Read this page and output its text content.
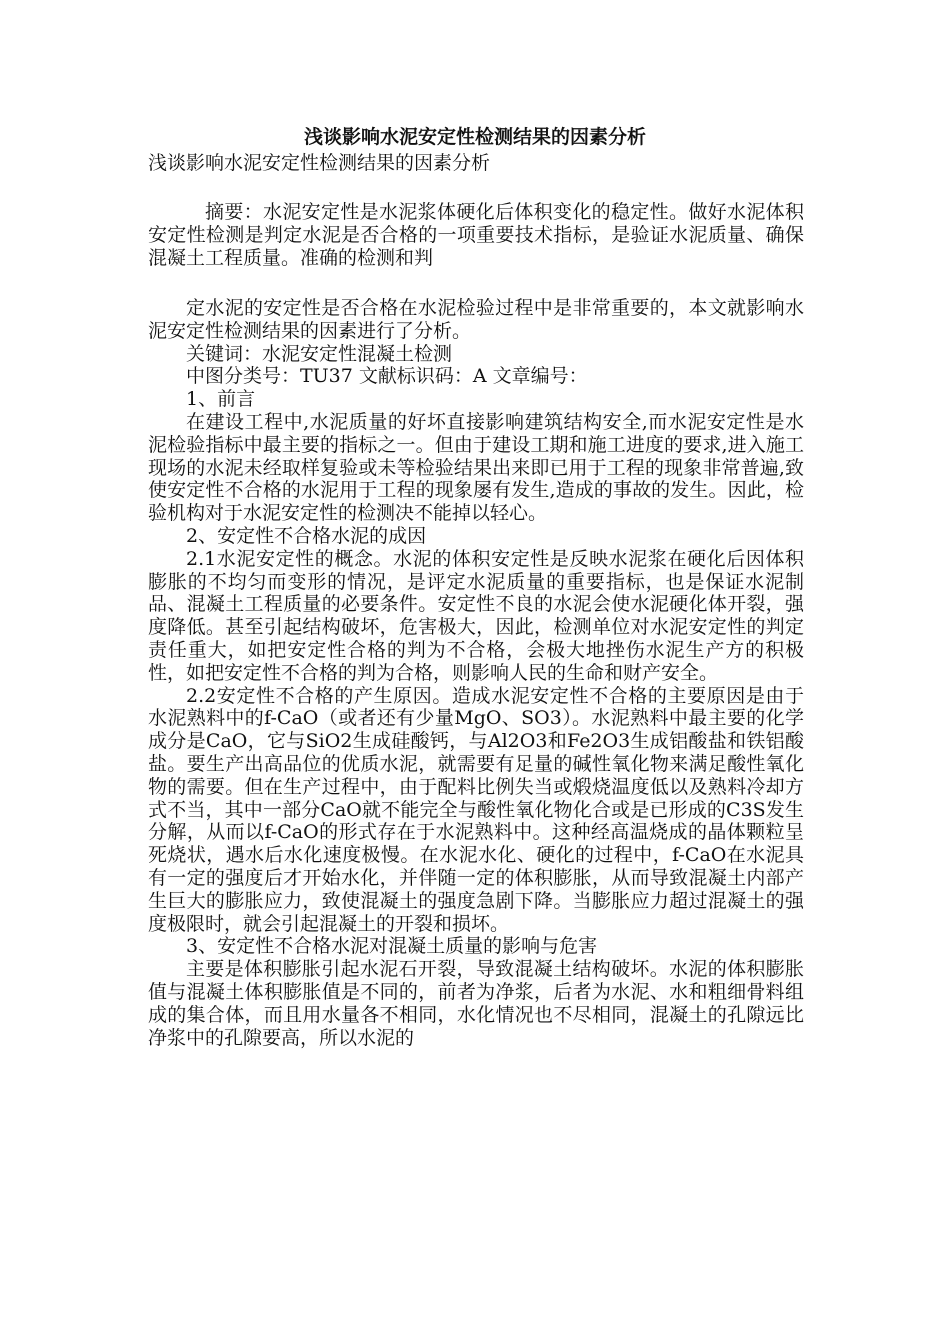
浅谈影响水泥安定性检测结果的因素分析
浅谈影响水泥安定性检测结果的因素分析

摘要：水泥安定性是水泥浆体硬化后体积变化的稳定性。做好水泥体积安定性检测是判定水泥是否合格的一项重要技术指标，是验证水泥质量、确保混凝土工程质量。准确的检测和判

定水泥的安定性是否合格在水泥检验过程中是非常重要的，本文就影响水泥安定性检测结果的因素进行了分析。

关键词：水泥安定性混凝土检测

中图分类号：TU37 文献标识码：A 文章编号：

1、前言

在建设工程中,水泥质量的好坏直接影响建筑结构安全,而水泥安定性是水泥检验指标中最主要的指标之一。但由于建设工期和施工进度的要求,进入施工现场的水泥未经取样复验或未等检验结果出来即已用于工程的现象非常普遍,致使安定性不合格的水泥用于工程的现象屡有发生,造成的事故的发生。因此，检验机构对于水泥安定性的检测决不能掉以轻心。

2、安定性不合格水泥的成因

2.1水泥安定性的概念。水泥的体积安定性是反映水泥浆在硬化后因体积膨胀的不均匀而变形的情况，是评定水泥质量的重要指标，也是保证水泥制品、混凝土工程质量的必要条件。安定性不良的水泥会使水泥硬化体开裂，强度降低。甚至引起结构破坏，危害极大，因此，检测单位对水泥安定性的判定责任重大，如把安定性合格的判为不合格，会极大地挫伤水泥生产方的积极性，如把安定性不合格的判为合格，则影响人民的生命和财产安全。

2.2安定性不合格的产生原因。造成水泥安定性不合格的主要原因是由于水泥熟料中的f-CaO（或者还有少量MgO、SO3）。水泥熟料中最主要的化学成分是CaO，它与SiO2生成硅酸钙，与Al2O3和Fe2O3生成铝酸盐和铁铝酸盐。要生产出高品位的优质水泥，就需要有足量的碱性氧化物来满足酸性氧化物的需要。但在生产过程中，由于配料比例失当或煅烧温度低以及熟料冷却方式不当，其中一部分CaO就不能完全与酸性氧化物化合或是已形成的C3S发生分解，从而以f-CaO的形式存在于水泥熟料中。这种经高温烧成的晶体颗粒呈死烧状，遇水后水化速度极慢。在水泥水化、硬化的过程中，f-CaO在水泥具有一定的强度后才开始水化，并伴随一定的体积膨胀，从而导致混凝土内部产生巨大的膨胀应力，致使混凝土的强度急剧下降。当膨胀应力超过混凝土的强度极限时，就会引起混凝土的开裂和损坏。

3、安定性不合格水泥对混凝土质量的影响与危害

主要是体积膨胀引起水泥石开裂，导致混凝土结构破坏。水泥的体积膨胀值与混凝土体积膨胀值是不同的，前者为净浆，后者为水泥、水和粗细骨料组成的集合体，而且用水量各不相同，水化情况也不尽相同，混凝土的孔隙远比净浆中的孔隙要高，所以水泥的
